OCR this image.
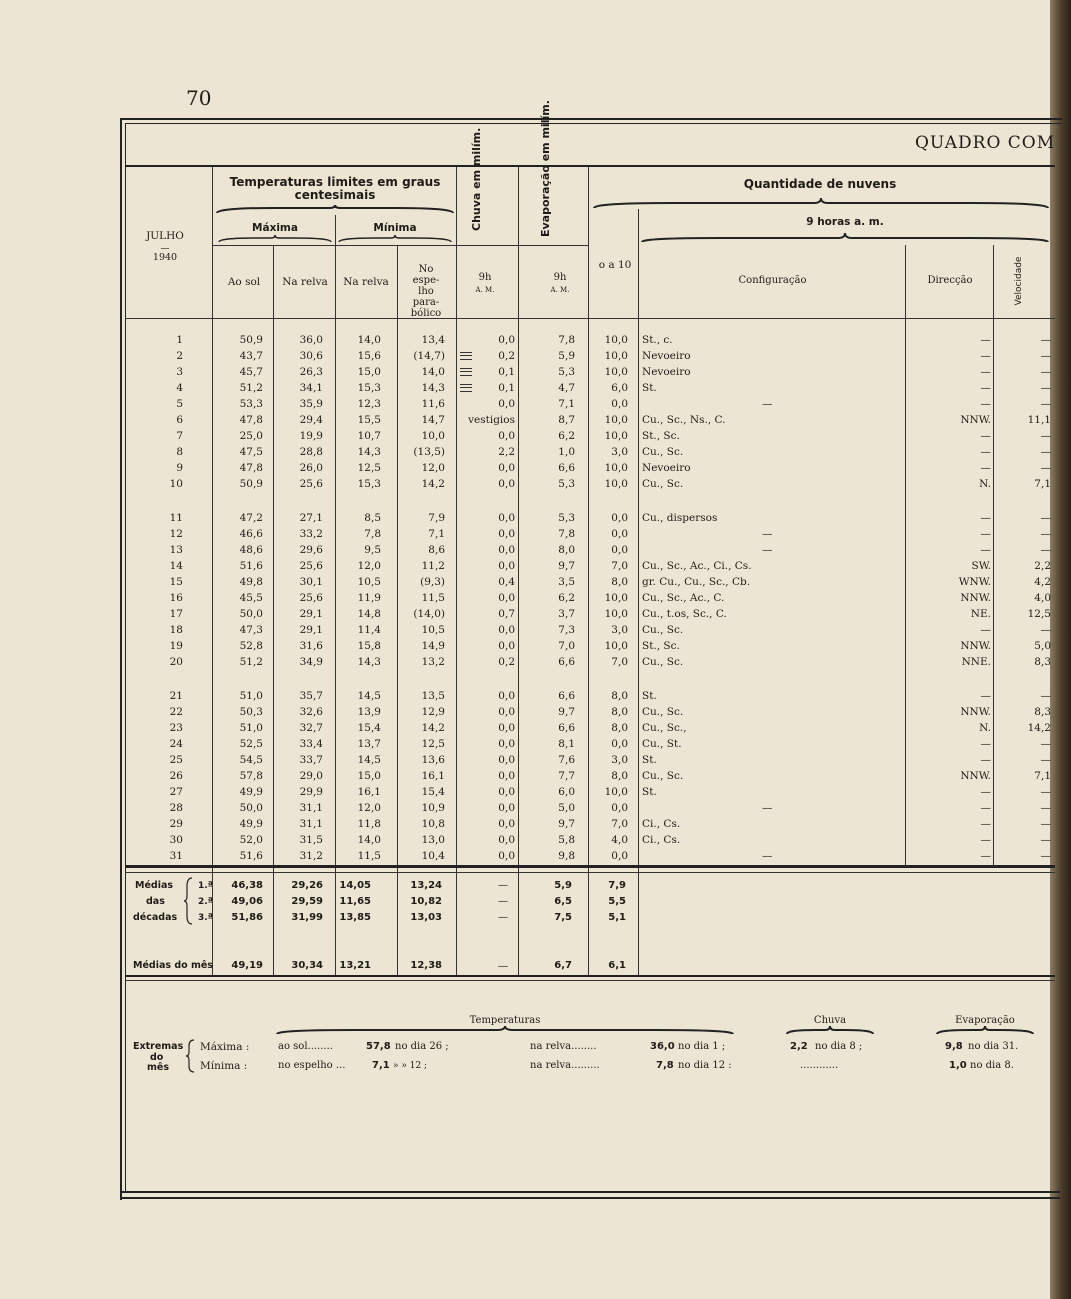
70
QUADRO COM
JULHO
—
1940
Temperaturas limites em graus centesimais
Máxima	Mínima
Ao sol	Na relva	Na relva
No espe- lho para- bólico
Chuva em milím.	Evaporação em milím.
9h
A. M.
9h
A. M.
Quantidade de nuvens
9 horas a. m.
o a 10
Configuração	Direcção	Velocidade
1	50,9	36,0	14,0	13,4	0,0	7,8	10,0 St., c.	—	—
2	43,7	30,6	15,6	(14,7)	0,2	5,9	10,0 Nevoeiro	—	—
3	45,7	26,3	15,0	14,0	0,1	5,3	10,0 Nevoeiro	—	—
4	51,2	34,1	15,3	14,3	0,1	4,7	6,0 St.	—	—
5	53,3	35,9	12,3	11,6	0,0	7,1	0,0	—	—	—
6	47,8	29,4	15,5	14,7	vestigios	8,7	10,0 Cu., Sc., Ns., C.	NNW.	11,1
7	25,0	19,9	10,7	10,0	0,0	6,2	10,0 St., Sc.	—	—
8	47,5	28,8	14,3	(13,5)	2,2	1,0	3,0 Cu., Sc.	—	—
9	47,8	26,0	12,5	12,0	0,0	6,6	10,0 Nevoeiro	—	—
10	50,9	25,6	15,3	14,2	0,0	5,3	10,0 Cu., Sc.	N.	7,1
11	47,2	27,1	8,5	7,9	0,0	5,3	0,0 Cu., dispersos	—	—
12	46,6	33,2	7,8	7,1	0,0	7,8	0,0	—	—	—
13	48,6	29,6	9,5	8,6	0,0	8,0	0,0	—	—	—
14	51,6	25,6	12,0	11,2	0,0	9,7	7,0 Cu., Sc., Ac., Ci., Cs.	SW.	2,2
15	49,8	30,1	10,5	(9,3)	0,4	3,5	8,0 gr. Cu., Cu., Sc., Cb.	WNW.	4,2
16	45,5	25,6	11,9	11,5	0,0	6,2	10,0 Cu., Sc., Ac., C.	NNW.	4,0
17	50,0	29,1	14,8	(14,0)	0,7	3,7	10,0 Cu., t.os, Sc., C.	NE.	12,5
18	47,3	29,1	11,4	10,5	0,0	7,3	3,0 Cu., Sc.	—	—
19	52,8	31,6	15,8	14,9	0,0	7,0	10,0 St., Sc.	NNW.	5,0
20	51,2	34,9	14,3	13,2	0,2	6,6	7,0 Cu., Sc.	NNE.	8,3
21	51,0	35,7	14,5	13,5	0,0	6,6	8,0 St.	—	—
22	50,3	32,6	13,9	12,9	0,0	9,7	8,0 Cu., Sc.	NNW.	8,3
23	51,0	32,7	15,4	14,2	0,0	6,6	8,0 Cu., Sc.,	N.	14,2
24	52,5	33,4	13,7	12,5	0,0	8,1	0,0 Cu., St.	—	—
25	54,5	33,7	14,5	13,6	0,0	7,6	3,0 St.	—	—
26	57,8	29,0	15,0	16,1	0,0	7,7	8,0 Cu., Sc.	NNW.	7,1
27	49,9	29,9	16,1	15,4	0,0	6,0	10,0 St.	—	—
28	50,0	31,1	12,0	10,9	0,0	5,0	0,0	—	—	—
29	49,9	31,1	11,8	10,8	0,0	9,7	7,0 Ci., Cs.	—	—
30	52,0	31,5	14,0	13,0	0,0	5,8	4,0 Ci., Cs.	—	—
31	51,6	31,2	11,5	10,4	0,0	9,8	0,0	—	—	—
Médias
das
décadas
1.ª	46,38	29,26	14,05	13,24	—	5,9	7,9
2.ª	49,06	29,59	11,65	10,82	—	6,5	5,5
3.ª	51,86	31,99	13,85	13,03	—	7,5	5,1
Médias do mês	49,19	30,34	13,21	12,38	—	6,7	6,1
Temperaturas	Chuva	Evaporação
Extremas
do
mês
Máxima :
Mínima :
ao sol........	57,8 no dia 26 ;	na relva........	36,0 no dia 1 ;	2,2 no dia 8 ;	9,8 no dia 31.
no espelho ...	7,1 » » 12 ;	na relva.........	7,8 no dia 12 :	............	1,0 no dia 8.
